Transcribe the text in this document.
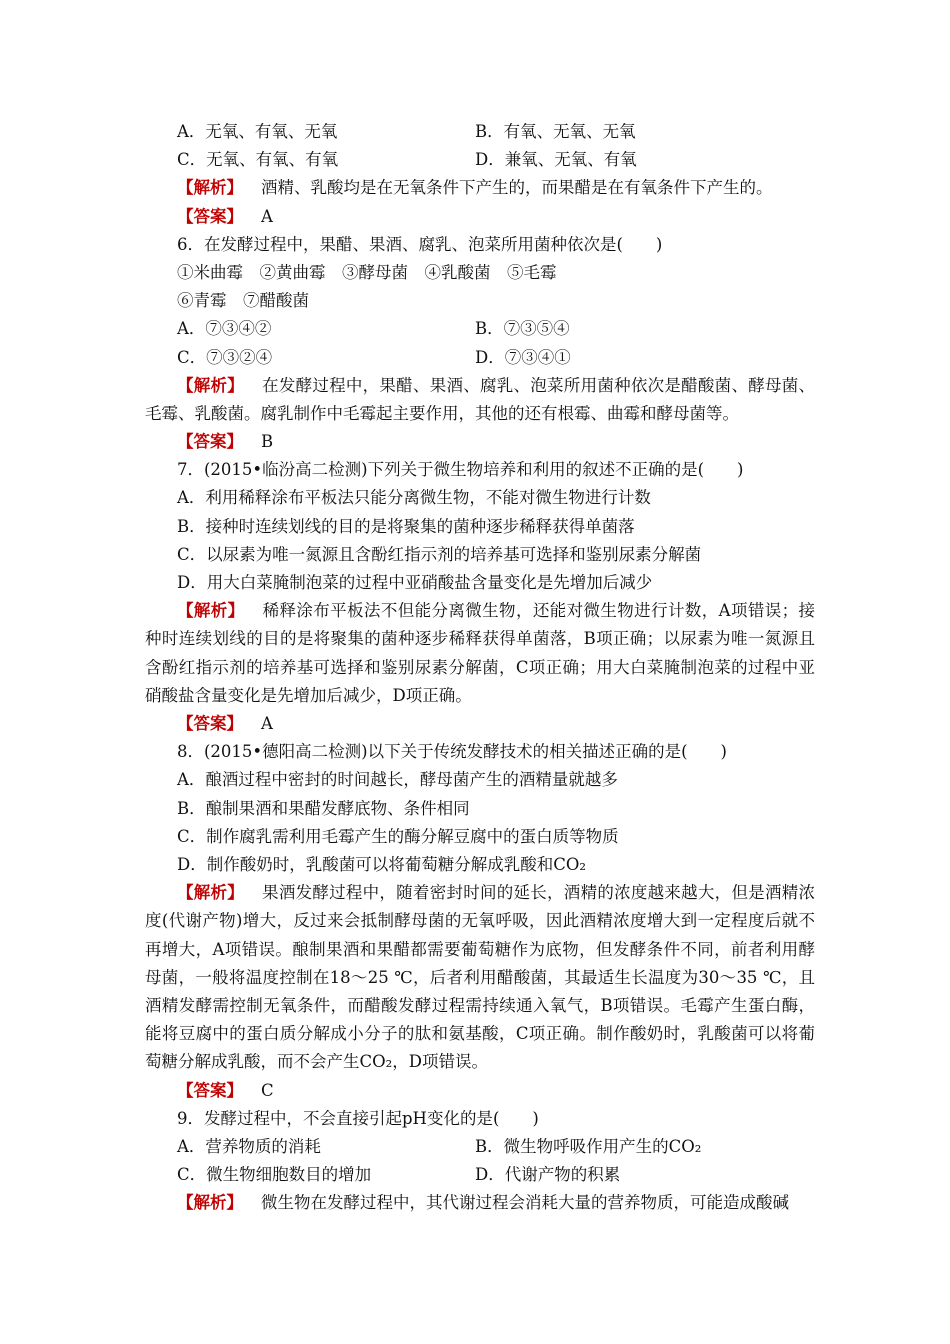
A．无氧、有氧、无氧	B．有氧、无氧、无氧
C．无氧、有氧、有氧	D．兼氧、无氧、有氧
【解析】 酒精、乳酸均是在无氧条件下产生的，而果醋是在有氧条件下产生的。
【答案】 A
6．在发酵过程中，果醋、果酒、腐乳、泡菜所用菌种依次是(　　)
①米曲霉　②黄曲霉　③酵母菌　④乳酸菌　⑤毛霉
⑥青霉　⑦醋酸菌
A．⑦③④②	B．⑦③⑤④
C．⑦③②④	D．⑦③④①
【解析】 在发酵过程中，果醋、果酒、腐乳、泡菜所用菌种依次是醋酸菌、酵母菌、毛霉、乳酸菌。腐乳制作中毛霉起主要作用，其他的还有根霉、曲霉和酵母菌等。
【答案】 B
7．(2015•临汾高二检测)下列关于微生物培养和利用的叙述不正确的是(　　)
A．利用稀释涂布平板法只能分离微生物，不能对微生物进行计数
B．接种时连续划线的目的是将聚集的菌种逐步稀释获得单菌落
C．以尿素为唯一氮源且含酚红指示剂的培养基可选择和鉴别尿素分解菌
D．用大白菜腌制泡菜的过程中亚硝酸盐含量变化是先增加后减少
【解析】 稀释涂布平板法不但能分离微生物，还能对微生物进行计数，A项错误；接种时连续划线的目的是将聚集的菌种逐步稀释获得单菌落，B项正确；以尿素为唯一氮源且含酚红指示剂的培养基可选择和鉴别尿素分解菌，C项正确；用大白菜腌制泡菜的过程中亚硝酸盐含量变化是先增加后减少，D项正确。
【答案】 A
8．(2015•德阳高二检测)以下关于传统发酵技术的相关描述正确的是(　　)
A．酿酒过程中密封的时间越长，酵母菌产生的酒精量就越多
B．酿制果酒和果醋发酵底物、条件相同
C．制作腐乳需利用毛霉产生的酶分解豆腐中的蛋白质等物质
D．制作酸奶时，乳酸菌可以将葡萄糖分解成乳酸和CO₂
【解析】 果酒发酵过程中，随着密封时间的延长，酒精的浓度越来越大，但是酒精浓度(代谢产物)增大，反过来会抵制酵母菌的无氧呼吸，因此酒精浓度增大到一定程度后就不再增大，A项错误。酿制果酒和果醋都需要葡萄糖作为底物，但发酵条件不同，前者利用酵母菌，一般将温度控制在18～25 ℃，后者利用醋酸菌，其最适生长温度为30～35 ℃，且酒精发酵需控制无氧条件，而醋酸发酵过程需持续通入氧气，B项错误。毛霉产生蛋白酶，能将豆腐中的蛋白质分解成小分子的肽和氨基酸，C项正确。制作酸奶时，乳酸菌可以将葡萄糖分解成乳酸，而不会产生CO₂，D项错误。
【答案】 C
9．发酵过程中，不会直接引起pH变化的是(　　)
A．营养物质的消耗	B．微生物呼吸作用产生的CO₂
C．微生物细胞数目的增加	D．代谢产物的积累
【解析】 微生物在发酵过程中，其代谢过程会消耗大量的营养物质，可能造成酸碱
